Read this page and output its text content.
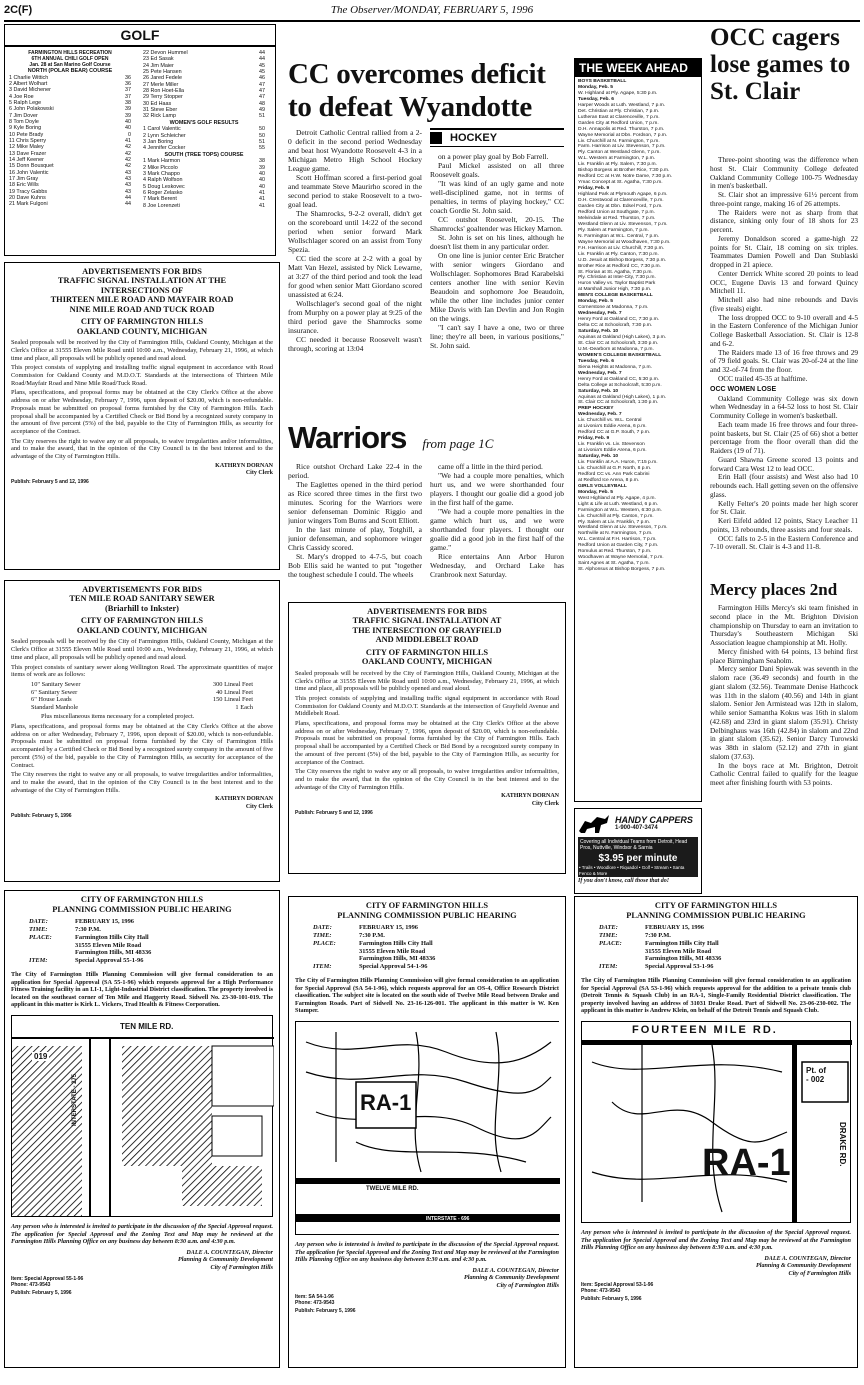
The Observer/MONDAY, FEBRUARY 5, 1996
2C(F)
GOLF
FARMINGTON HILLS RECREATION
6TH ANNUAL CHILI GOLF OPEN
Jan. 28 at San Marino Golf Course
NORTH (POLAR BEAR) COURSE
1 Charlie Wittich	36
2 Albert Wolhart	36
3 David Michener	37
4 Joe Roe	37
5 Ralph Lege	38
6 John Polakowski	39
7 Jim Dover	39
8 Tom Doyle	40
9 Kyle Boring	40
10 Pete Brady	0
11 Chris Sperry	41
12 Mike Maley	42
13 Dave Frazer	42
14 Jeff Keener	42
15 Donn Bousquet	42
16 John Valentic	43
17 Jim Gray	43
18 Eric Wills	43
19 Tracy Gabbs	43
20 Dave Kuhns	44
21 Mark Fulgoni	44
22 Devon Hummel	44
23 Ed Sasak	44
24 Jim Maier	45
25 Pete Hansen	45
26 Jared Fedele	46
27 Merle Miller	47
28 Ron Hoet-Ella	47
29 Terry Stopper	47
30 Ed Haas	48
31 Steve Eber	49
32 Rick Lamp	51
WOMEN'S GOLF RESULTS
1 Carol Valentic	50
2 Lynn Schleicher	50
3 Jan Boring	51
4 Jennifer Cocker	55
SOUTH (TREE TOPS) COURSE
1 Mark Harmon	38
2 Mike Piccolo	39
3 Mark Chappo	40
4 Ralph Wolfson	40
5 Doug Leskovec	40
6 Roger Zelasko	41
7 Mark Berent	41
8 Joe Lorenzeti	41
ADVERTISEMENTS FOR BIDS
TRAFFIC SIGNAL INSTALLATION AT THE
INTERSECTIONS OF
THIRTEEN MILE ROAD AND MAYFAIR ROAD
NINE MILE ROAD AND TUCK ROAD
CITY OF FARMINGTON HILLS
OAKLAND COUNTY, MICHIGAN

Sealed proposals will be received by the City of Farmington Hills, Oakland County, Michigan at the Clerk's Office at 31555 Eleven Mile Road until 10:00 a.m., Wednesday, February 21, 1996, at which time and place, all proposals will be publicly opened and read aloud.

This project consists of supplying and installing traffic signal equipment in accordance with Road Commission for Oakland County and M.D.O.T. Standards at the intersections of Thirteen Mile Road/Mayfair Road and Nine Mile Road/Tuck Road.

Plans, specifications, and proposal forms may be obtained at the City Clerk's Office at the above address on or after Wednesday, February 7, 1996, upon deposit of $20.00, which is non-refundable. Proposals must be submitted on proposal forms furnished by the City of Farmington Hills. Each proposal shall be accompanied by a Certified Check or Bid Bond by a recognized surety company in the amount of five percent (5%) of the bid, payable to the City of Farmington Hills, as security for acceptance of the Contract.

The City reserves the right to waive any or all proposals, to waive irregularities and/or informalities, and to make the award, that in the opinion of the City Council is in the best interest and to the advantage of the City of Farmington Hills.

KATHRYN DORNAN
City Clerk
Publish: February 5 and 12, 1996
ADVERTISEMENTS FOR BIDS
TEN MILE ROAD SANITARY SEWER
(Briarhill to Inkster)
CITY OF FARMINGTON HILLS
OAKLAND COUNTY, MICHIGAN

Sealed proposals will be received by the City of Farmington Hills, Oakland County, Michigan at the Clerk's Office at 31555 Eleven Mile Road until 10:00 a.m., Wednesday, February 21, 1996, at which time and place, all proposals will be publicly opened and read aloud.

This project consists of sanitary sewer along Wellington Road. The approximate quantities of major items of work are as follows:

10" Sanitary Sewer	300 Lineal Feet
6" Sanitary Sewer	40 Lineal Feet
6" House Leads	150 Lineal Feet
Standard Manhole	1 Each
Plus miscellaneous items necessary for a completed project.

Plans, specifications, and proposal forms may be obtained at the City Clerk's Office at the above address on or after Wednesday, February 7, 1996, upon deposit of $20.00, which is non-refundable. Proposals must be submitted on proposal forms furnished by the City of Farmington Hills accompanied by a Certified Check or Bid Bond by a recognized surety company in the amount of five percent (5%) of the bid, payable to the City of Farmington Hills, as security for acceptance of the Contract.

The City reserves the right to waive any or all proposals, to waive irregularities and/or informalities, and to make the award, that in the opinion of the City Council is in the best interest and to the advantage of the City of Farmington Hills.

KATHRYN DORNAN
City Clerk
Publish: February 5, 1996
CITY OF FARMINGTON HILLS
PLANNING COMMISSION PUBLIC HEARING
DATE:	FEBRUARY 15, 1996
TIME:	7:30 P.M.
PLACE:	Farmington Hills City Hall
31555 Eleven Mile Road
Farmington Hills, MI 48336
ITEM:	Special Approval 55-1-96
The City of Farmington Hills Planning Commission will give formal consideration to an application for Special Approval (SA 55-1-96) which requests approval for a High Performance Fitness Training facility in an LI-1, Light-Industrial District classification. The property involved is located on the southeast corner of Ten Mile and Haggerty Road. Sidwell No. 23-30-101-019. The applicant in this matter is Kirk L. Vickers, Trad Health & Fitness Corporation.
TEN MILE RD.
019
INTERSTATE - 275
Any person who is interested is invited to participate in the discussion of the Special Approval request. The application for Special Approval and the Zoning Text and Map may be reviewed at the Farmington Hills Planning Office on any business day between 8:30 a.m. and 4:30 p.m.
DALE A. COUNTEGAN, Director
Planning & Community Development
City of Farmington Hills
Item: Special Approval 55-1-96
Phone: 473-9543
Publish: February 5, 1996
CC overcomes deficit to defeat Wyandotte

Detroit Catholic Central rallied from a 2-0 deficit in the second period Wednesday and beat host Wyandotte Roosevelt 4-3 in a Michigan Metro High School Hockey League game.

Scott Hoffman scored a first-period goal and teammate Steve Maurirho scored in the second period to stake Roosevelt to a two-goal lead.

The Shamrocks, 9-2-2 overall, didn't get on the scoreboard until 14:22 of the second period when senior forward Mark Wollschlager scored on an assist from Tony Spezia.

CC tied the score at 2-2 with a goal by Matt Van Hezel, assisted by Nick Lewarne, at 3:27 of the third period and took the lead for good when senior Matt Giordano scored unassisted at 6:24.

Wollschlager's second goal of the night from Murphy on a power play at 9:25 of the third period gave the Shamrocks some insurance.

CC needed it because Roosevelt wasn't through, scoring at 13:04

HOCKEY

on a power play goal by Bob Farrell.

Paul Mickel assisted on all three Roosevelt goals.

"It was kind of an ugly game and note well-disciplined game, not in terms of penalties, in terms of playing hockey," CC coach Gordie St. John said.

CC outshot Roosevelt, 20-15. The Shamrocks' goaltender was Hickey Marnon.

St. John is set on his lines, although he doesn't list them in any particular order.

On one line is junior center Eric Bratcher with senior wingers Giordano and Wollschlager. Sophomores Brad Karabelski centers another line with senior Kevin Beaudoin and sophomore Joe Beaudoin, while the other line includes junior center Mike Davis with Ian Devlin and Jon Rogin on the wings.

"I can't say I have a one, two or three line; they're all been, in various positions," St. John said.

Warriors from page 1C

Rice outshot Orchard Lake 22-4 in the period.

The Eaglettes opened in the third period as Rice scored three times in the first two minutes. Scoring for the Warriors were senior defenseman Dominic Riggio and junior wingers Tom Burns and Scott Elliott.

In the last minute of play, Totghill, a junior defenseman, and sophomore winger Chris Cassidy scored.

St. Mary's dropped to 4-7-5, but coach Bob Ellis said he wanted to put "together the toughest schedule I could. The wheels

came off a little in the third period.

"We had a couple more penalties, which hurt us, and we were shorthanded four players. I thought our goalie did a good job in the first half of the game.

"We had a couple more penalties in the game which hurt us, and we were shorthanded four players. I thought our goalie did a good job in the first half of the game."

Rice entertains Ann Arbor Huron Wednesday, and Orchard Lake has Cranbrook next Saturday.

ADVERTISEMENTS FOR BIDS
TRAFFIC SIGNAL INSTALLATION AT
THE INTERSECTION OF GRAYFIELD
AND MIDDLEBELT ROAD
CITY OF FARMINGTON HILLS
OAKLAND COUNTY, MICHIGAN

Sealed proposals will be received by the City of Farmington Hills, Oakland County, Michigan at the Clerk's Office at 31555 Eleven Mile Road until 10:00 a.m., Wednesday, February 21, 1996, at which time and place, all proposals will be publicly opened and read aloud.

This project consists of supplying and installing traffic signal equipment in accordance with Road Commission for Oakland County and M.D.O.T. Standards at the intersection of Grayfield Avenue and Middlebelt Road.

Plans, specifications, and proposal forms may be obtained at the City Clerk's Office at the above address on or after Wednesday, February 7, 1996, upon deposit of $20.00, which is non-refundable. Proposals must be submitted on proposal forms furnished by the City of Farmington Hills. Each proposal shall be accompanied by a Certified Check or Bid Bond by a recognized surety company in the amount of five percent (5%) of the bid, payable to the City of Farmington Hills, as security for acceptance of the Contract.

The City reserves the right to waive any or all proposals, to waive irregularities and/or informalities, and to make the award, that in the opinion of the City Council is in the best interest and to the advantage of the City of Farmington Hills.

KATHRYN DORNAN
City Clerk
Publish: February 5 and 12, 1996
CITY OF FARMINGTON HILLS
PLANNING COMMISSION PUBLIC HEARING
DATE:	FEBRUARY 15, 1996
TIME:	7:30 P.M.
PLACE:	Farmington Hills City Hall
31555 Eleven Mile Road
Farmington Hills, MI 48336
ITEM:	Special Approval 54-1-96
The City of Farmington Hills Planning Commission will give formal consideration to an application for Special Approval (SA 54-1-96), which requests approval for an OS-4, Office Research District classification. The subject site is located on the south side of Twelve Mile Road between Drake and Farmington Roads. Part of Sidwell No. 23-16-126-001. The applicant in this matter is W. Ken Stamper.
RA-1
TWELVE MILE RD.
INTERSTATE - 696
Any person who is interested is invited to participate in the discussion of the Special Approval request. The application for Special Approval and the Zoning Text and Map may be reviewed at the Farmington Hills Planning Office on any business day between 8:30 a.m. and 4:30 p.m.
DALE A. COUNTEGAN, Director
Planning & Community Development
City of Farmington Hills
Item: SA 54-1-96
Phone: 473-9543
Publish: February 5, 1996
THE WEEK AHEAD
BOYS BASKETBALL
Monday, Feb. 5
W. Highland at Ply. Agape, 5:30 p.m.
Tuesday, Feb. 6
Harper Woods at Luth. Westland, 7 p.m.
Det. Christian at Ply. Christian, 7 p.m.
Lutheran East at Clarenceville, 7 p.m.
Garden City at Redford Union, 7 p.m.
D.H. Annapolis at Red. Thurston, 7 p.m.
Wayne Memorial at Dbn. Fordson, 7 p.m.
Liv. Churchill at N. Farmington, 7 p.m.
Farm. Harrison at Liv. Stevenson, 7 p.m.
Ply. Canton at Westland Glenn, 7 p.m.
W.L. Western at Farmington, 7 p.m.
Liv. Franklin at Ply. Salem, 7:30 p.m.
Bishop Borgess at Brother Rice, 7:30 p.m.
Redford CC at H.W. Notre Dame, 7:30 p.m.
Ymac Concept at St. Agatha, 7:30 p.m.
Friday, Feb. 9
Highland Park at Plymouth Agape, 6 p.m.
D.H. Crestwood at Clarenceville, 7 p.m.
Garden City at Dbn. Edsel Ford, 7 p.m.
Redford Union at Southgate, 7 p.m.
Melvindale at Red. Thurston, 7 p.m.
Westland Glenn at Liv. Stevenson, 7 p.m.
Ply. Salem at Farmington, 7 p.m.
N. Farmington at W.L. Central, 7 p.m.
Wayne Memorial at Woodhaven, 7:30 p.m.
F.H. Harrison at Liv. Churchill, 7:30 p.m.
Liv. Franklin at Ply. Canton, 7:30 p.m.
U.D. Jesuit at Bishop Borgess, 7:30 p.m.
Brother Rice at Redford CC, 7:30 p.m.
St. Florian at St. Agatha, 7:30 p.m.
Ply. Christian at Inter-City, 7:30 p.m.
Huron Valley vs. Taylor Baptist Park
at Marshall Junior High, 7:30 p.m.
MEN'S COLLEGE BASKETBALL
Monday, Feb. 5
Cornerstone at Madonna, 7 p.m.
Wednesday, Feb. 7
Henry Ford at Oakland CC, 7:30 p.m.
Delta CC at Schoolcraft, 7:30 p.m.
Saturday, Feb. 10
Aquinas at Oakland (High Lakes), 3 p.m.
St. Clair CC at Schoolcraft, 3:30 p.m.
U.M.-Dearborn at Madonna, 7 p.m.
WOMEN'S COLLEGE BASKETBALL
Tuesday, Feb. 6
Siena Heights at Madonna, 7 p.m.
Wednesday, Feb. 7
Henry Ford at Oakland CC, 5:30 p.m.
Delta College at Schoolcraft, 5:30 p.m.
Saturday, Feb. 10
Aquinas at Oakland (High Lakes), 1 p.m.
St. Clair CC at Schoolcraft, 1:30 p.m.
PREP HOCKEY
Wednesday, Feb. 7
Liv. Churchill vs. W.L. Central
at Livonia's Eddie Arena, 6 p.m.
Redford CC at G.P. South, 7 p.m.
Friday, Feb. 9
Liv. Franklin vs. Liv. Stevenson
at Livonia's Eddie Arena, 6 p.m.
Saturday, Feb. 10
Liv. Franklin at A.A. Huron, 7:15 p.m.
Liv. Churchill at G.P. North, 8 p.m.
Redford CC vs. Ann Park Cabrini
at Redford Ice Arena, 8 p.m.
GIRLS VOLLEYBALL
Monday, Feb. 5
West Highland at Ply. Agape, 4 p.m.
Light & Life at Luth. Westland, 6 p.m.
Farmington at W.L. Western, 6:30 p.m.
Liv. Churchill at Ply. Canton, 7 p.m.
Ply. Salem at Liv. Franklin, 7 p.m.
Westland Glenn at Liv. Stevenson, 7 p.m.
Northville at N. Farmington, 7 p.m.
W.L. Central at F.H. Harrison, 7 p.m.
Redford Union at Garden City, 7 p.m.
Romulus at Red. Thurston, 7 p.m.
Woodhaven at Wayne Memorial, 7 p.m.
Saint Agnes at St. Agatha, 7 p.m.
St. Alphonsus at Bishop Borgess, 7 p.m.
HANDY CAPPERS
1-900-407-3474
Covering all Individual Teams from Detroit, Head Pros, Nuttville, Windsor & Sarnia
$3.95 per minute
• Trails • Woodlore • Riquadol • Golf • Stream • Santa Fenco & More
If you don't know, call those that do!
OCC cagers lose games to St. Clair

Three-point shooting was the difference when host St. Clair Community College defeated Oakland Community College 100-75 Wednesday in men's basketball.

St. Clair shot an impressive 61½ percent from three-point range, making 16 of 26 attempts.

The Raiders were not as sharp from that distance, sinking only four of 18 shots for 23 percent.

Jeremy Donaldson scored a game-high 22 points for St. Clair, 18 coming on six triples. Teammates Damien Powell and Dan Stublaski dropped in 21 apiece.

Center Derrick White scored 20 points to lead OCC, Eugene Davis 13 and forward Quincy Mitchell 11.

Mitchell also had nine rebounds and Davis (five steals) eight.

The loss dropped OCC to 9-10 overall and 4-5 in the Eastern Conference of the Michigan Junior College Basketball Association. St. Clair is 12-8 and 6-2.

The Raiders made 13 of 16 free throws and 29 of 79 field goals. St. Clair was 20-of-24 at the line and 32-of-74 from the floor.

OCC trailed 45-35 at halftime.

OCC WOMEN LOSE

Oakland Community College was six down when Wednesday in a 64-52 loss to host St. Clair Community College in women's basketball.

Each team made 16 free throws and four three-point baskets, but St. Clair (25 of 66) shot a better percentage from the floor overall than did the Raiders (19 of 71).

Guard Shawna Greene scored 13 points and forward Cara West 12 to lead OCC.

Erin Hall (four assists) and West also had 10 rebounds each. Hall getting seven on the offensive glass.

Kelly Felter's 20 points made her high scorer for St. Clair.

Keri Eifeld added 12 points, Stacy Leacher 11 points, 13 rebounds, three assists and four steals.

OCC falls to 2-5 in the Eastern Conference and 7-10 overall. St. Clair is 4-3 and 11-8.

Mercy places 2nd

Farmington Hills Mercy's ski team finished in second place in the Mt. Brighton Division championship on Thursday to earn an invitation to Thursday's Southeastern Michigan Ski Association league championship at Mt. Holly.

Mercy finished with 64 points, 13 behind first place Birmingham Seaholm.

Mercy senior Dani Spiewak was seventh in the slalom race (36.49 seconds) and fourth in the giant slalom (32.56). Teammate Denise Hathcock was 11th in the slalom (40.56) and 14th in giant slalom. Senior Jen Armistead was 12th in slalom, while senior Samantha Kokus was 16th in slalom (42.68) and 23rd in giant slalom (35.91). Christy Delbinghaus was 16th (42.84) in slalom and 22nd in giant slalom (35.62). Senior Darcy Turowski was 38th in slalom (52.12) and 27th in giant slalom (37.63).

In the boys race at Mt. Brighton, Detroit Catholic Central failed to qualify for the league meet after finishing fourth with 53 points.

CITY OF FARMINGTON HILLS
PLANNING COMMISSION PUBLIC HEARING
DATE:	FEBRUARY 15, 1996
TIME:	7:30 P.M.
PLACE:	Farmington Hills City Hall
31555 Eleven Mile Road
Farmington Hills, MI 48336
ITEM:	Special Approval 53-1-96
The City of Farmington Hills Planning Commission will give formal consideration to an application for Special Approval (SA 53-1-96) which requests approval for the addition to a private tennis club (Detroit Tennis & Squash Club) in an RA-1, Single-Family Residential District classification. The property involved having an address of 31031 Drake Road. Part of Sidwell No. 23-06-230-002. The applicant in this matter is Andrew Klein, on behalf of the Detroit Tennis and Squash Club.
FOURTEEN MILE RD.
Pt. of
- 002
RA-1	DRAKE RD.
Any person who is interested is invited to participate in the discussion of the Special Approval request. The application for Special Approval and the Zoning Text and Map may be reviewed at the Farmington Hills Planning Office on any business day between 8:30 a.m. and 4:30 p.m.
DALE A. COUNTEGAN, Director
Planning & Community Development
City of Farmington Hills
Item: Special Approval 53-1-96
Phone: 473-9543
Publish: February 5, 1996
